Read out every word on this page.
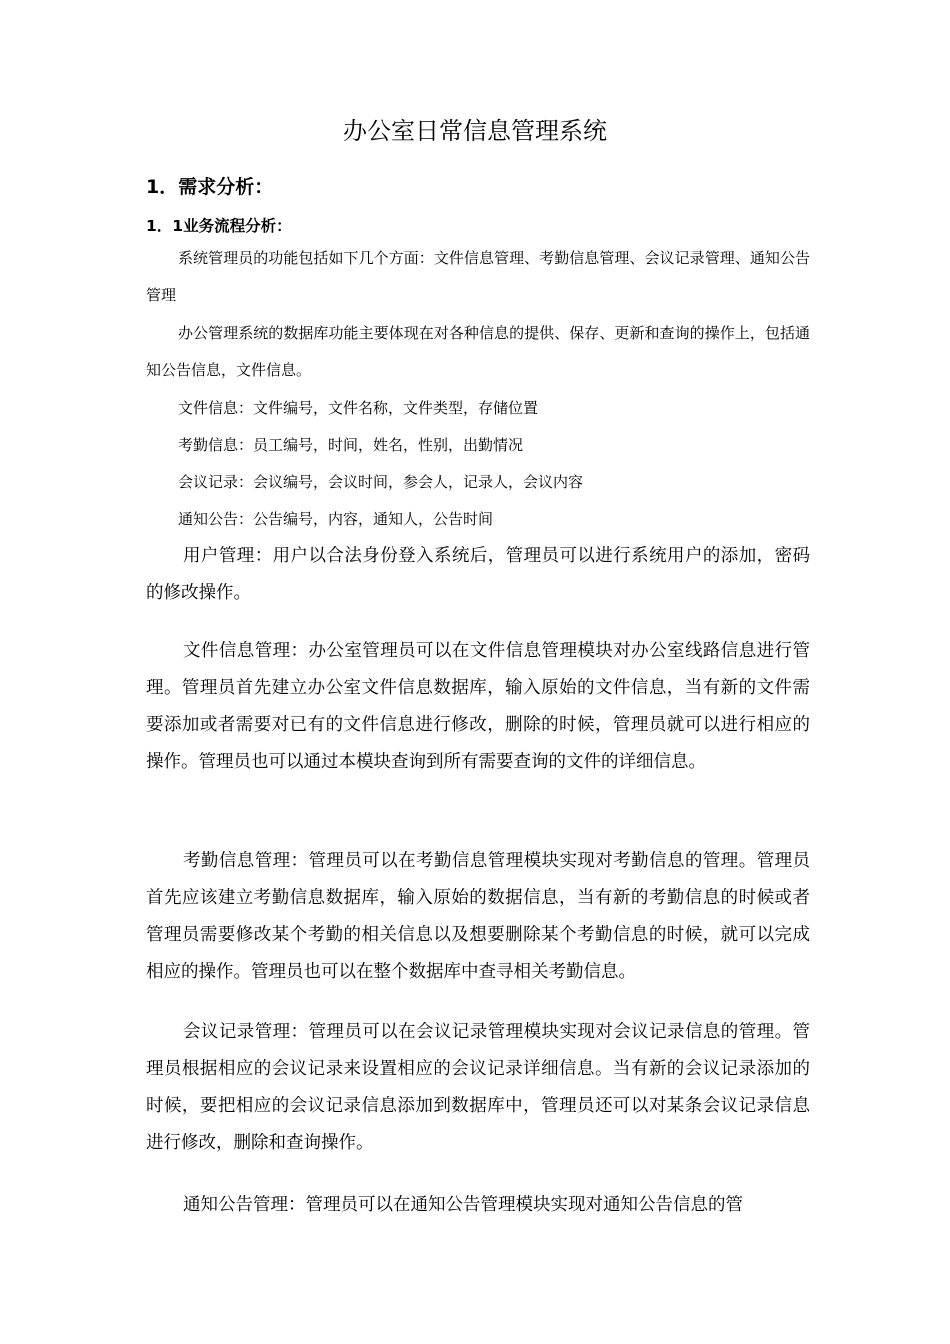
办公室日常信息管理系统
1．需求分析：
1．1业务流程分析：
系统管理员的功能包括如下几个方面：文件信息管理、考勤信息管理、会议记录管理、通知公告管理
办公管理系统的数据库功能主要体现在对各种信息的提供、保存、更新和查询的操作上，包括通知公告信息，文件信息。
文件信息：文件编号，文件名称，文件类型，存储位置
考勤信息：员工编号，时间，姓名，性别，出勤情况
会议记录：会议编号，会议时间，参会人，记录人，会议内容
通知公告：公告编号，内容，通知人，公告时间
用户管理：用户以合法身份登入系统后，管理员可以进行系统用户的添加，密码的修改操作。
文件信息管理：办公室管理员可以在文件信息管理模块对办公室线路信息进行管理。管理员首先建立办公室文件信息数据库，输入原始的文件信息，当有新的文件需要添加或者需要对已有的文件信息进行修改，删除的时候，管理员就可以进行相应的操作。管理员也可以通过本模块查询到所有需要查询的文件的详细信息。
考勤信息管理：管理员可以在考勤信息管理模块实现对考勤信息的管理。管理员首先应该建立考勤信息数据库，输入原始的数据信息，当有新的考勤信息的时候或者管理员需要修改某个考勤的相关信息以及想要删除某个考勤信息的时候，就可以完成相应的操作。管理员也可以在整个数据库中查寻相关考勤信息。
会议记录管理：管理员可以在会议记录管理模块实现对会议记录信息的管理。管理员根据相应的会议记录来设置相应的会议记录详细信息。当有新的会议记录添加的时候，要把相应的会议记录信息添加到数据库中，管理员还可以对某条会议记录信息进行修改，删除和查询操作。
通知公告管理：管理员可以在通知公告管理模块实现对通知公告信息的管
